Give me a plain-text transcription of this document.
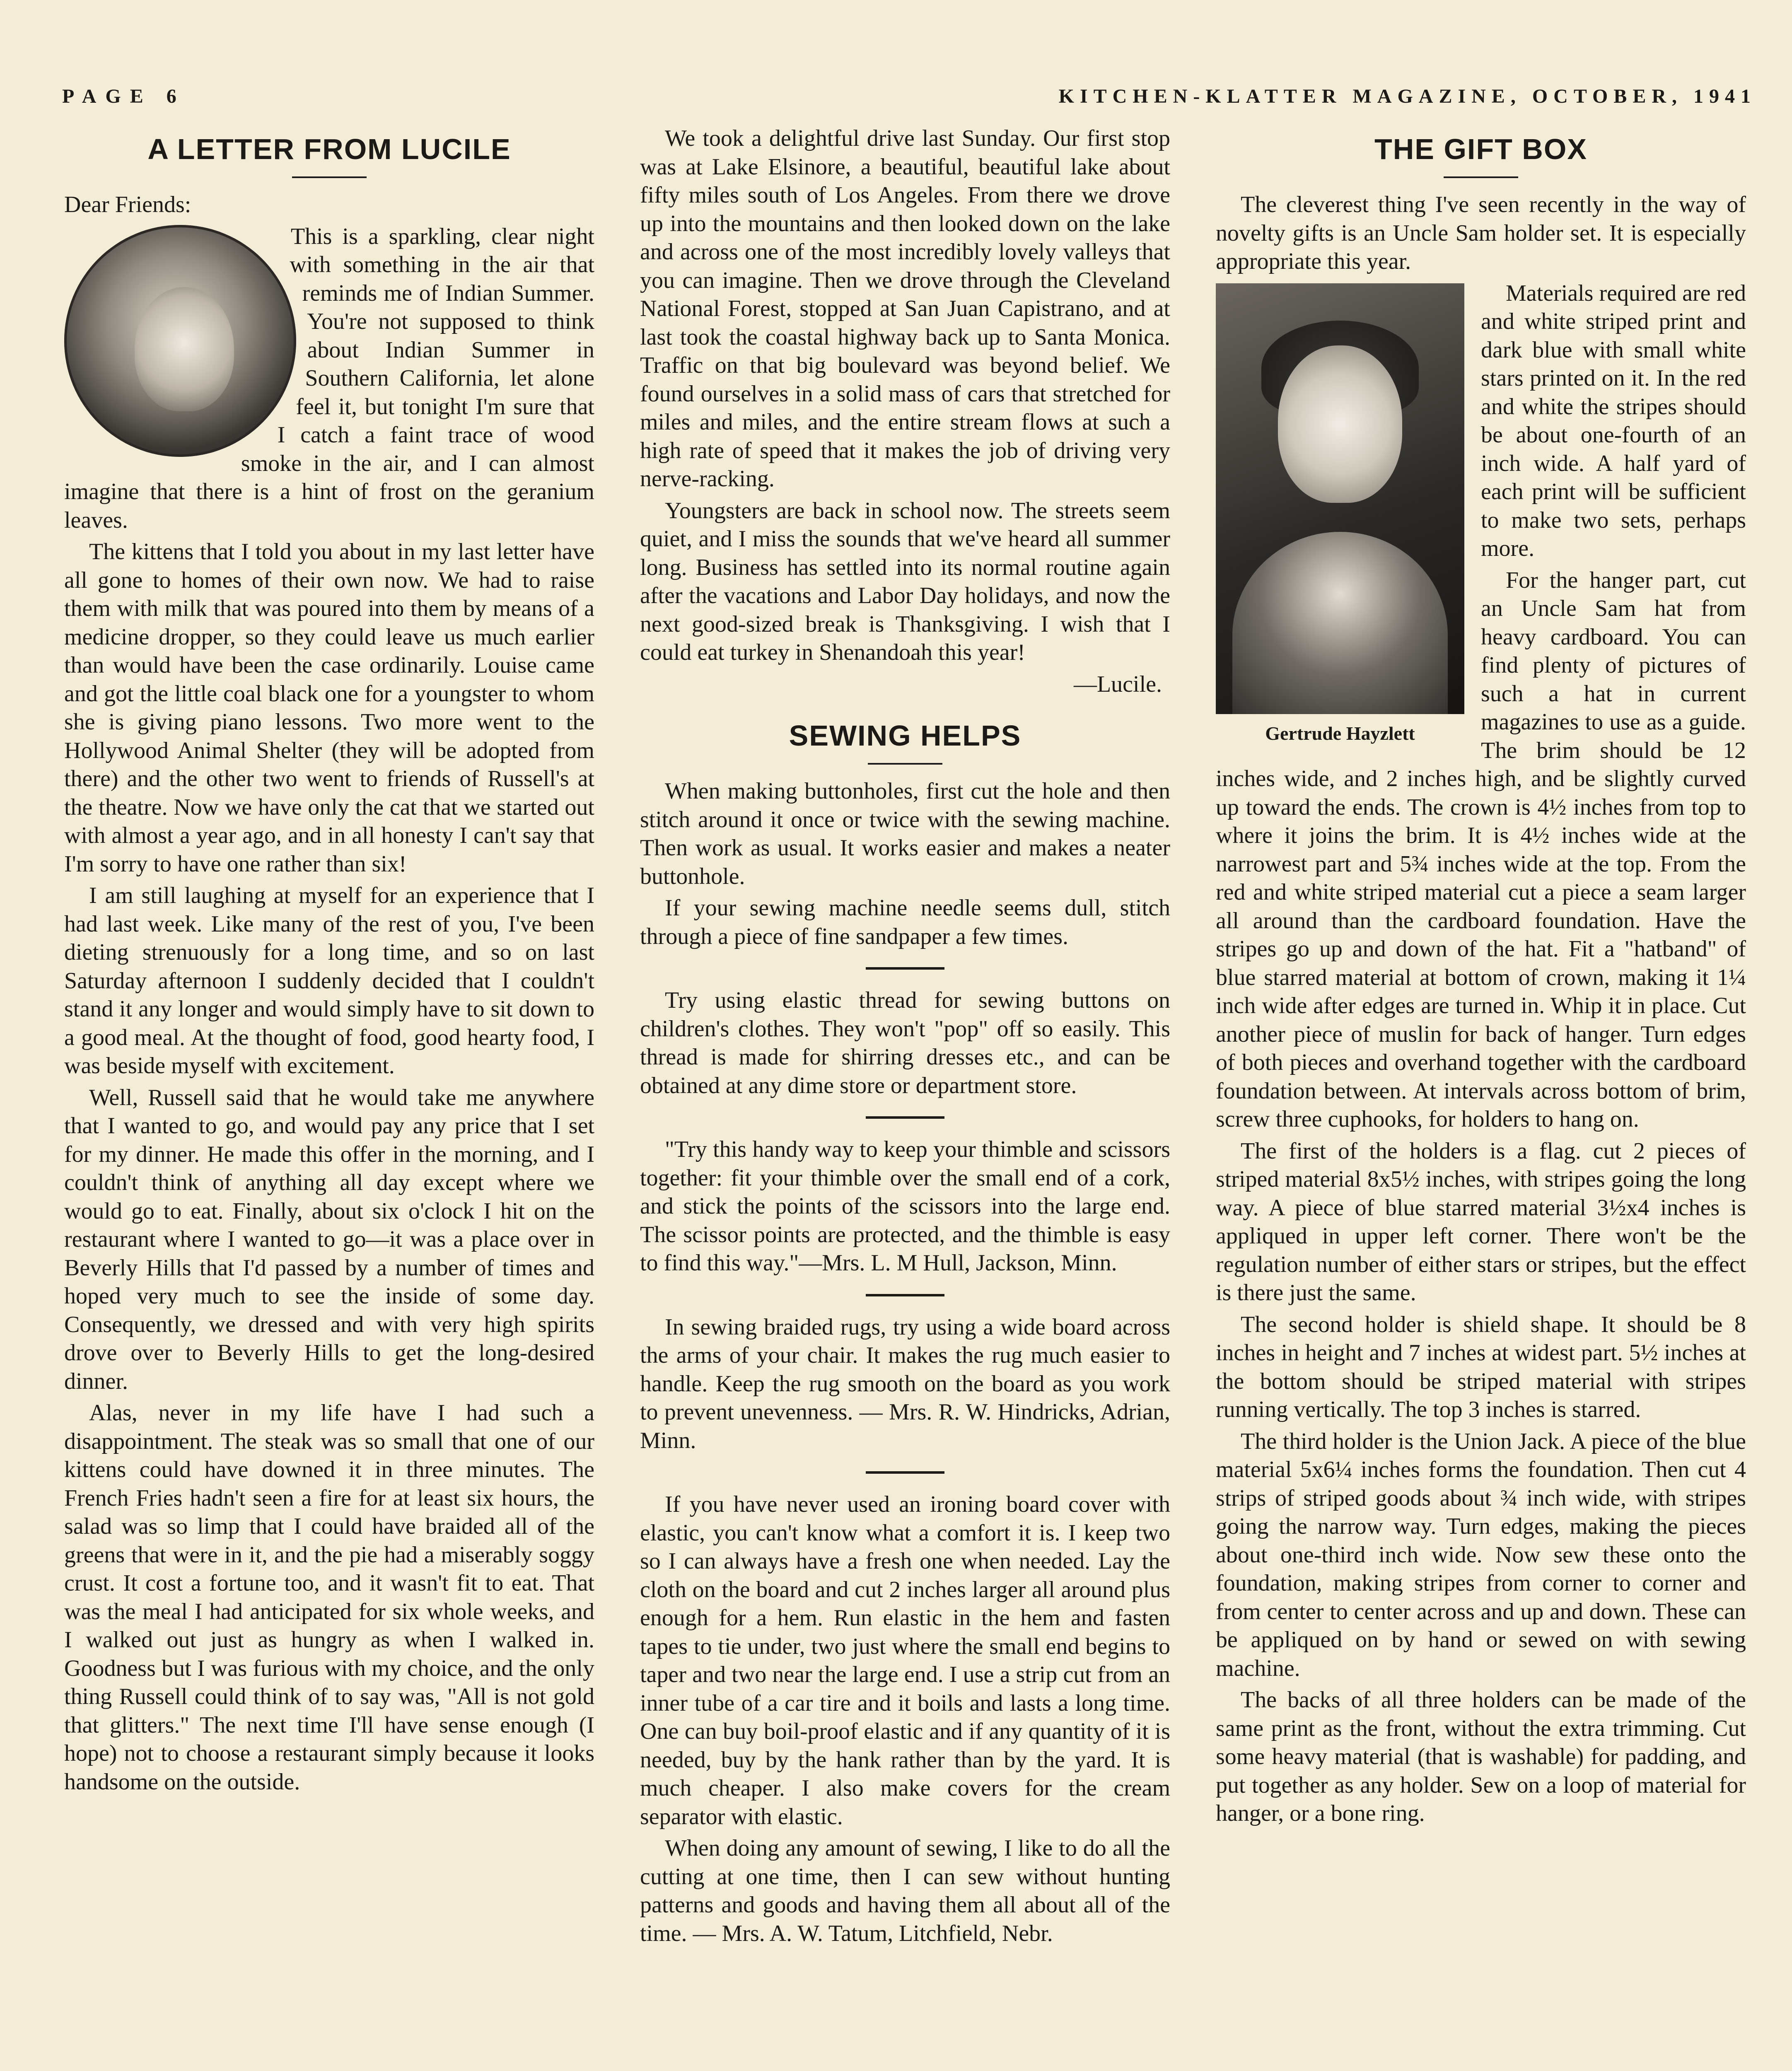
PAGE 6	KITCHEN-KLATTER MAGAZINE, OCTOBER, 1941
A LETTER FROM LUCILE

Dear Friends:

This is a sparkling, clear night with something in the air that reminds me of Indian Summer. You're not supposed to think about Indian Summer in Southern California, let alone feel it, but tonight I'm sure that I catch a faint trace of wood smoke in the air, and I can almost imagine that there is a hint of frost on the geranium leaves.

The kittens that I told you about in my last letter have all gone to homes of their own now. We had to raise them with milk that was poured into them by means of a medicine dropper, so they could leave us much earlier than would have been the case ordinarily. Louise came and got the little coal black one for a youngster to whom she is giving piano lessons. Two more went to the Hollywood Animal Shelter (they will be adopted from there) and the other two went to friends of Russell's at the theatre. Now we have only the cat that we started out with almost a year ago, and in all honesty I can't say that I'm sorry to have one rather than six!

I am still laughing at myself for an experience that I had last week. Like many of the rest of you, I've been dieting strenuously for a long time, and so on last Saturday afternoon I suddenly decided that I couldn't stand it any longer and would simply have to sit down to a good meal. At the thought of food, good hearty food, I was beside myself with excitement.

Well, Russell said that he would take me anywhere that I wanted to go, and would pay any price that I set for my dinner. He made this offer in the morning, and I couldn't think of anything all day except where we would go to eat. Finally, about six o'clock I hit on the restaurant where I wanted to go—it was a place over in Beverly Hills that I'd passed by a number of times and hoped very much to see the inside of some day. Consequently, we dressed and with very high spirits drove over to Beverly Hills to get the long-desired dinner.

Alas, never in my life have I had such a disappointment. The steak was so small that one of our kittens could have downed it in three minutes. The French Fries hadn't seen a fire for at least six hours, the salad was so limp that I could have braided all of the greens that were in it, and the pie had a miserably soggy crust. It cost a fortune too, and it wasn't fit to eat. That was the meal I had anticipated for six whole weeks, and I walked out just as hungry as when I walked in. Goodness but I was furious with my choice, and the only thing Russell could think of to say was, "All is not gold that glitters." The next time I'll have sense enough (I hope) not to choose a restaurant simply because it looks handsome on the outside.

We took a delightful drive last Sunday. Our first stop was at Lake Elsinore, a beautiful, beautiful lake about fifty miles south of Los Angeles. From there we drove up into the mountains and then looked down on the lake and across one of the most incredibly lovely valleys that you can imagine. Then we drove through the Cleveland National Forest, stopped at San Juan Capistrano, and at last took the coastal highway back up to Santa Monica. Traffic on that big boulevard was beyond belief. We found ourselves in a solid mass of cars that stretched for miles and miles, and the entire stream flows at such a high rate of speed that it makes the job of driving very nerve-racking.

Youngsters are back in school now. The streets seem quiet, and I miss the sounds that we've heard all summer long. Business has settled into its normal routine again after the vacations and Labor Day holidays, and now the next good-sized break is Thanksgiving. I wish that I could eat turkey in Shenandoah this year!

—Lucile.

SEWING HELPS

When making buttonholes, first cut the hole and then stitch around it once or twice with the sewing machine. Then work as usual. It works easier and makes a neater buttonhole.

If your sewing machine needle seems dull, stitch through a piece of fine sandpaper a few times.

Try using elastic thread for sewing buttons on children's clothes. They won't "pop" off so easily. This thread is made for shirring dresses etc., and can be obtained at any dime store or department store.

"Try this handy way to keep your thimble and scissors together: fit your thimble over the small end of a cork, and stick the points of the scissors into the large end. The scissor points are protected, and the thimble is easy to find this way."—Mrs. L. M Hull, Jackson, Minn.

In sewing braided rugs, try using a wide board across the arms of your chair. It makes the rug much easier to handle. Keep the rug smooth on the board as you work to prevent unevenness. — Mrs. R. W. Hindricks, Adrian, Minn.

If you have never used an ironing board cover with elastic, you can't know what a comfort it is. I keep two so I can always have a fresh one when needed. Lay the cloth on the board and cut 2 inches larger all around plus enough for a hem. Run elastic in the hem and fasten tapes to tie under, two just where the small end begins to taper and two near the large end. I use a strip cut from an inner tube of a car tire and it boils and lasts a long time. One can buy boil-proof elastic and if any quantity of it is needed, buy by the hank rather than by the yard. It is much cheaper. I also make covers for the cream separator with elastic.

When doing any amount of sewing, I like to do all the cutting at one time, then I can sew without hunting patterns and goods and having them all about all of the time. — Mrs. A. W. Tatum, Litchfield, Nebr.

THE GIFT BOX

The cleverest thing I've seen recently in the way of novelty gifts is an Uncle Sam holder set. It is especially appropriate this year.

Gertrude Hayzlett

Materials required are red and white striped print and dark blue with small white stars printed on it. In the red and white the stripes should be about one-fourth of an inch wide. A half yard of each print will be sufficient to make two sets, perhaps more.

For the hanger part, cut an Uncle Sam hat from heavy cardboard. You can find plenty of pictures of such a hat in current magazines to use as a guide. The brim should be 12 inches wide, and 2 inches high, and be slightly curved up toward the ends. The crown is 4½ inches from top to where it joins the brim. It is 4½ inches wide at the narrowest part and 5¾ inches wide at the top. From the red and white striped material cut a piece a seam larger all around than the cardboard foundation. Have the stripes go up and down of the hat. Fit a "hatband" of blue starred material at bottom of crown, making it 1¼ inch wide after edges are turned in. Whip it in place. Cut another piece of muslin for back of hanger. Turn edges of both pieces and overhand together with the cardboard foundation between. At intervals across bottom of brim, screw three cuphooks, for holders to hang on.

The first of the holders is a flag. cut 2 pieces of striped material 8x5½ inches, with stripes going the long way. A piece of blue starred material 3½x4 inches is appliqued in upper left corner. There won't be the regulation number of either stars or stripes, but the effect is there just the same.

The second holder is shield shape. It should be 8 inches in height and 7 inches at widest part. 5½ inches at the bottom should be striped material with stripes running vertically. The top 3 inches is starred.

The third holder is the Union Jack. A piece of the blue material 5x6¼ inches forms the foundation. Then cut 4 strips of striped goods about ¾ inch wide, with stripes going the narrow way. Turn edges, making the pieces about one-third inch wide. Now sew these onto the foundation, making stripes from corner to corner and from center to center across and up and down. These can be appliqued on by hand or sewed on with sewing machine.

The backs of all three holders can be made of the same print as the front, without the extra trimming. Cut some heavy material (that is washable) for padding, and put together as any holder. Sew on a loop of material for hanger, or a bone ring.
